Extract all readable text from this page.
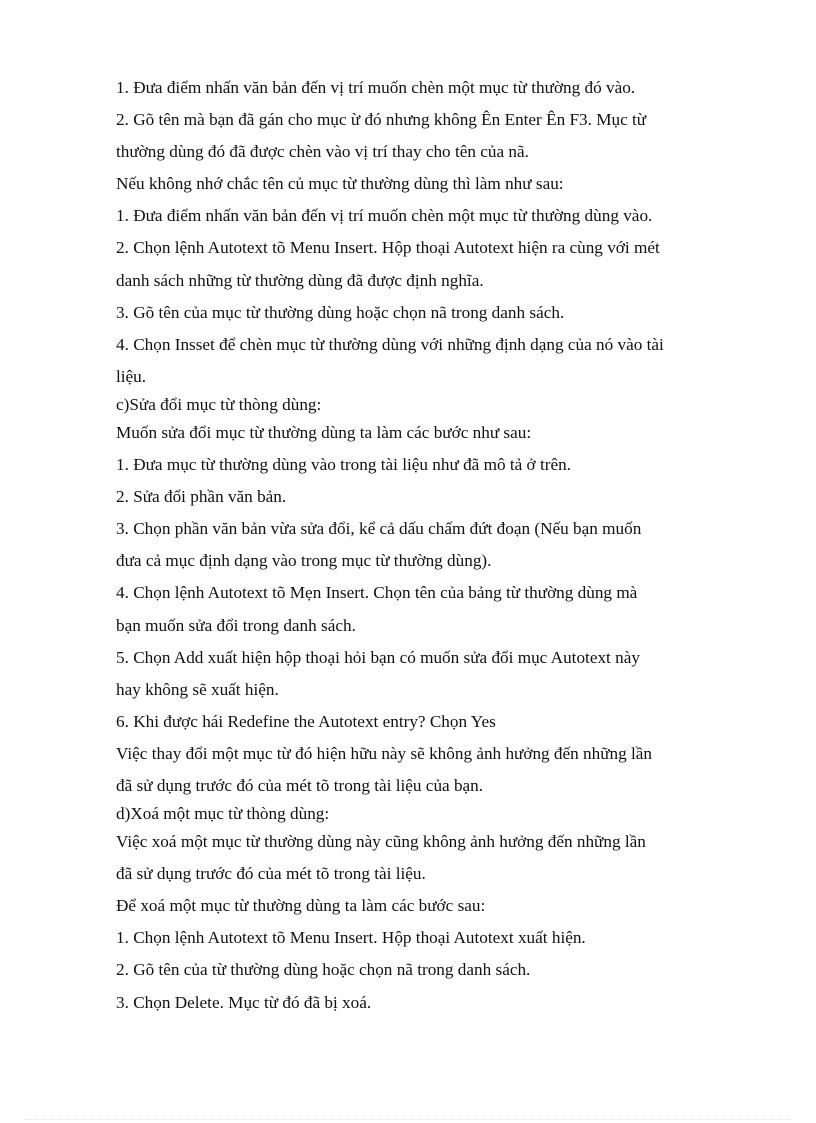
1. Đưa điểm nhấn văn bản đến vị trí muốn chèn một mục từ thường đó vào.
2. Gõ tên mà bạn đã gán cho mục ừ đó nhưng không Ên Enter Ên F3. Mục từ
thường dùng đó đã được chèn vào vị trí thay cho tên của nã.
Nếu không nhớ chắc tên củ mục từ thường dùng thì làm như sau:
1. Đưa điểm nhấn văn bản đến vị trí muốn chèn một mục từ thường dùng vào.
2. Chọn lệnh Autotext tõ Menu Insert. Hộp thoại Autotext hiện ra cùng với mét
danh sách những từ thường dùng đã được định nghĩa.
3. Gõ tên của mục từ thường dùng hoặc chọn nã trong danh sách.
4. Chọn Insset để chèn mục từ thường dùng với những định dạng của nó vào tài
liệu.
c)Sửa đổi mục từ thòng dùng:
Muốn sửa đổi mục từ thường dùng ta làm các bước như sau:
1. Đưa mục từ thường dùng vào trong tài liệu như đã mô tả ở trên.
2. Sửa đổi phần văn bản.
3. Chọn phần văn bản vừa sửa đổi, kể cả dấu chấm đứt đoạn (Nếu bạn muốn
đưa cả mục định dạng vào trong mục từ thường dùng).
4. Chọn lệnh Autotext tõ Mẹn Insert. Chọn tên của bảng từ thường dùng mà
bạn muốn sửa đổi trong danh sách.
5. Chọn Add xuất hiện hộp thoại hỏi bạn có muốn sửa đổi mục Autotext này
hay không sẽ xuất hiện.
6. Khi được hái Redefine the Autotext entry? Chọn Yes
Việc thay đổi một mục từ đó hiện hữu này sẽ không ảnh hưởng đến những lần
đã sử dụng trước đó của mét tõ trong tài liệu của bạn.
d)Xoá một mục từ thòng dùng:
Việc xoá một mục từ thường dùng này cũng không ảnh hưởng đến những lần
đã sử dụng trước đó của mét tõ trong tài liệu.
Để xoá một mục từ thường dùng ta làm các bước sau:
1. Chọn lệnh Autotext tõ Menu Insert. Hộp thoại Autotext xuất hiện.
2. Gõ tên của từ thường dùng hoặc chọn nã trong danh sách.
3. Chọn Delete. Mục từ đó đã bị xoá.
